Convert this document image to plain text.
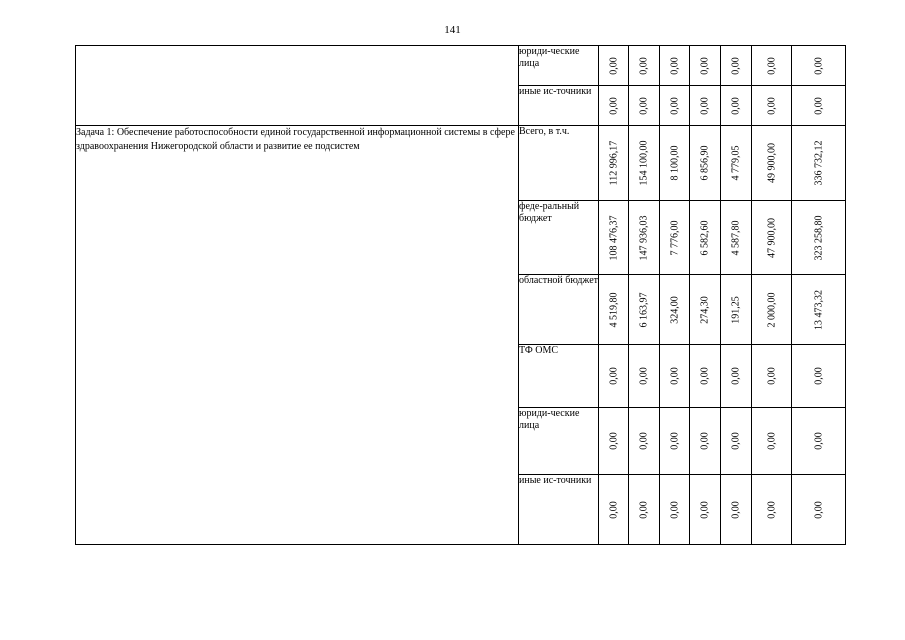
141
	юриди-ческие лица	0,00	0,00	0,00	0,00	0,00	0,00	0,00

	иные ис-точники	0,00	0,00	0,00	0,00	0,00	0,00	0,00

Задача 1: Обеспечение работоспособности единой государственной информационной системы в сфере здравоохранения Нижегородской области и развитие ее подсистем	Всего, в т.ч.	112 996,17	154 100,00	8 100,00	6 856,90	4 779,05	49 900,00	336 732,12

	феде-ральный бюджет	108 476,37	147 936,03	7 776,00	6 582,60	4 587,80	47 900,00	323 258,80

	областной бюджет	4 519,80	6 163,97	324,00	274,30	191,25	2 000,00	13 473,32

	ТФ ОМС	0,00	0,00	0,00	0,00	0,00	0,00	0,00

	юриди-ческие лица	0,00	0,00	0,00	0,00	0,00	0,00	0,00

	иные ис-точники	0,00	0,00	0,00	0,00	0,00	0,00	0,00
